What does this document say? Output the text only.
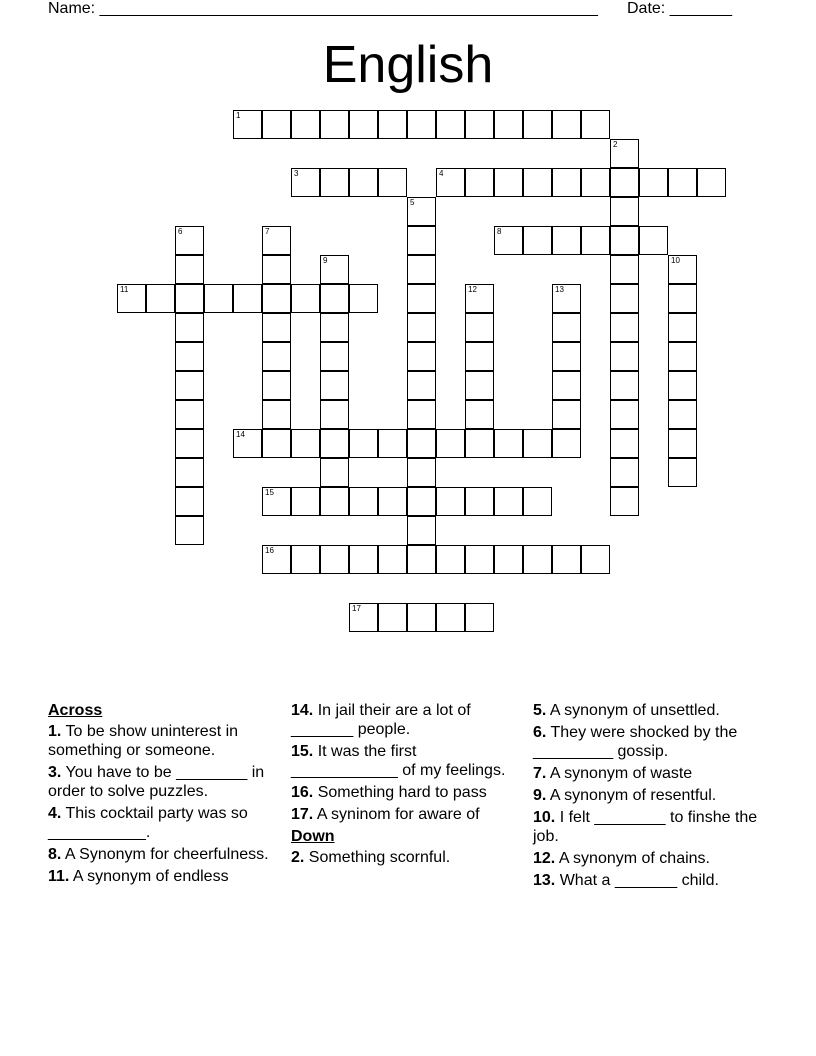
Name: ________________________________________________________ Date: _______
English
1
2
3	4
5
6	7	8
9	10
11	12	13
14
15
16
17
Across
1. To be show uninterest in something or someone.
3. You have to be ________ in order to solve puzzles.
4. This cocktail party was so ___________.
8. A Synonym for cheerfulness.
11. A synonym of endless
14. In jail their are a lot of _______ people.
15. It was the first ____________ of my feelings.
16. Something hard to pass
17. A syninom for aware of
Down
2. Something scornful.
5. A synonym of unsettled.
6. They were shocked by the _________ gossip.
7. A synonym of waste
9. A synonym of resentful.
10. I felt ________ to finshe the job.
12. A synonym of chains.
13. What a _______ child.
